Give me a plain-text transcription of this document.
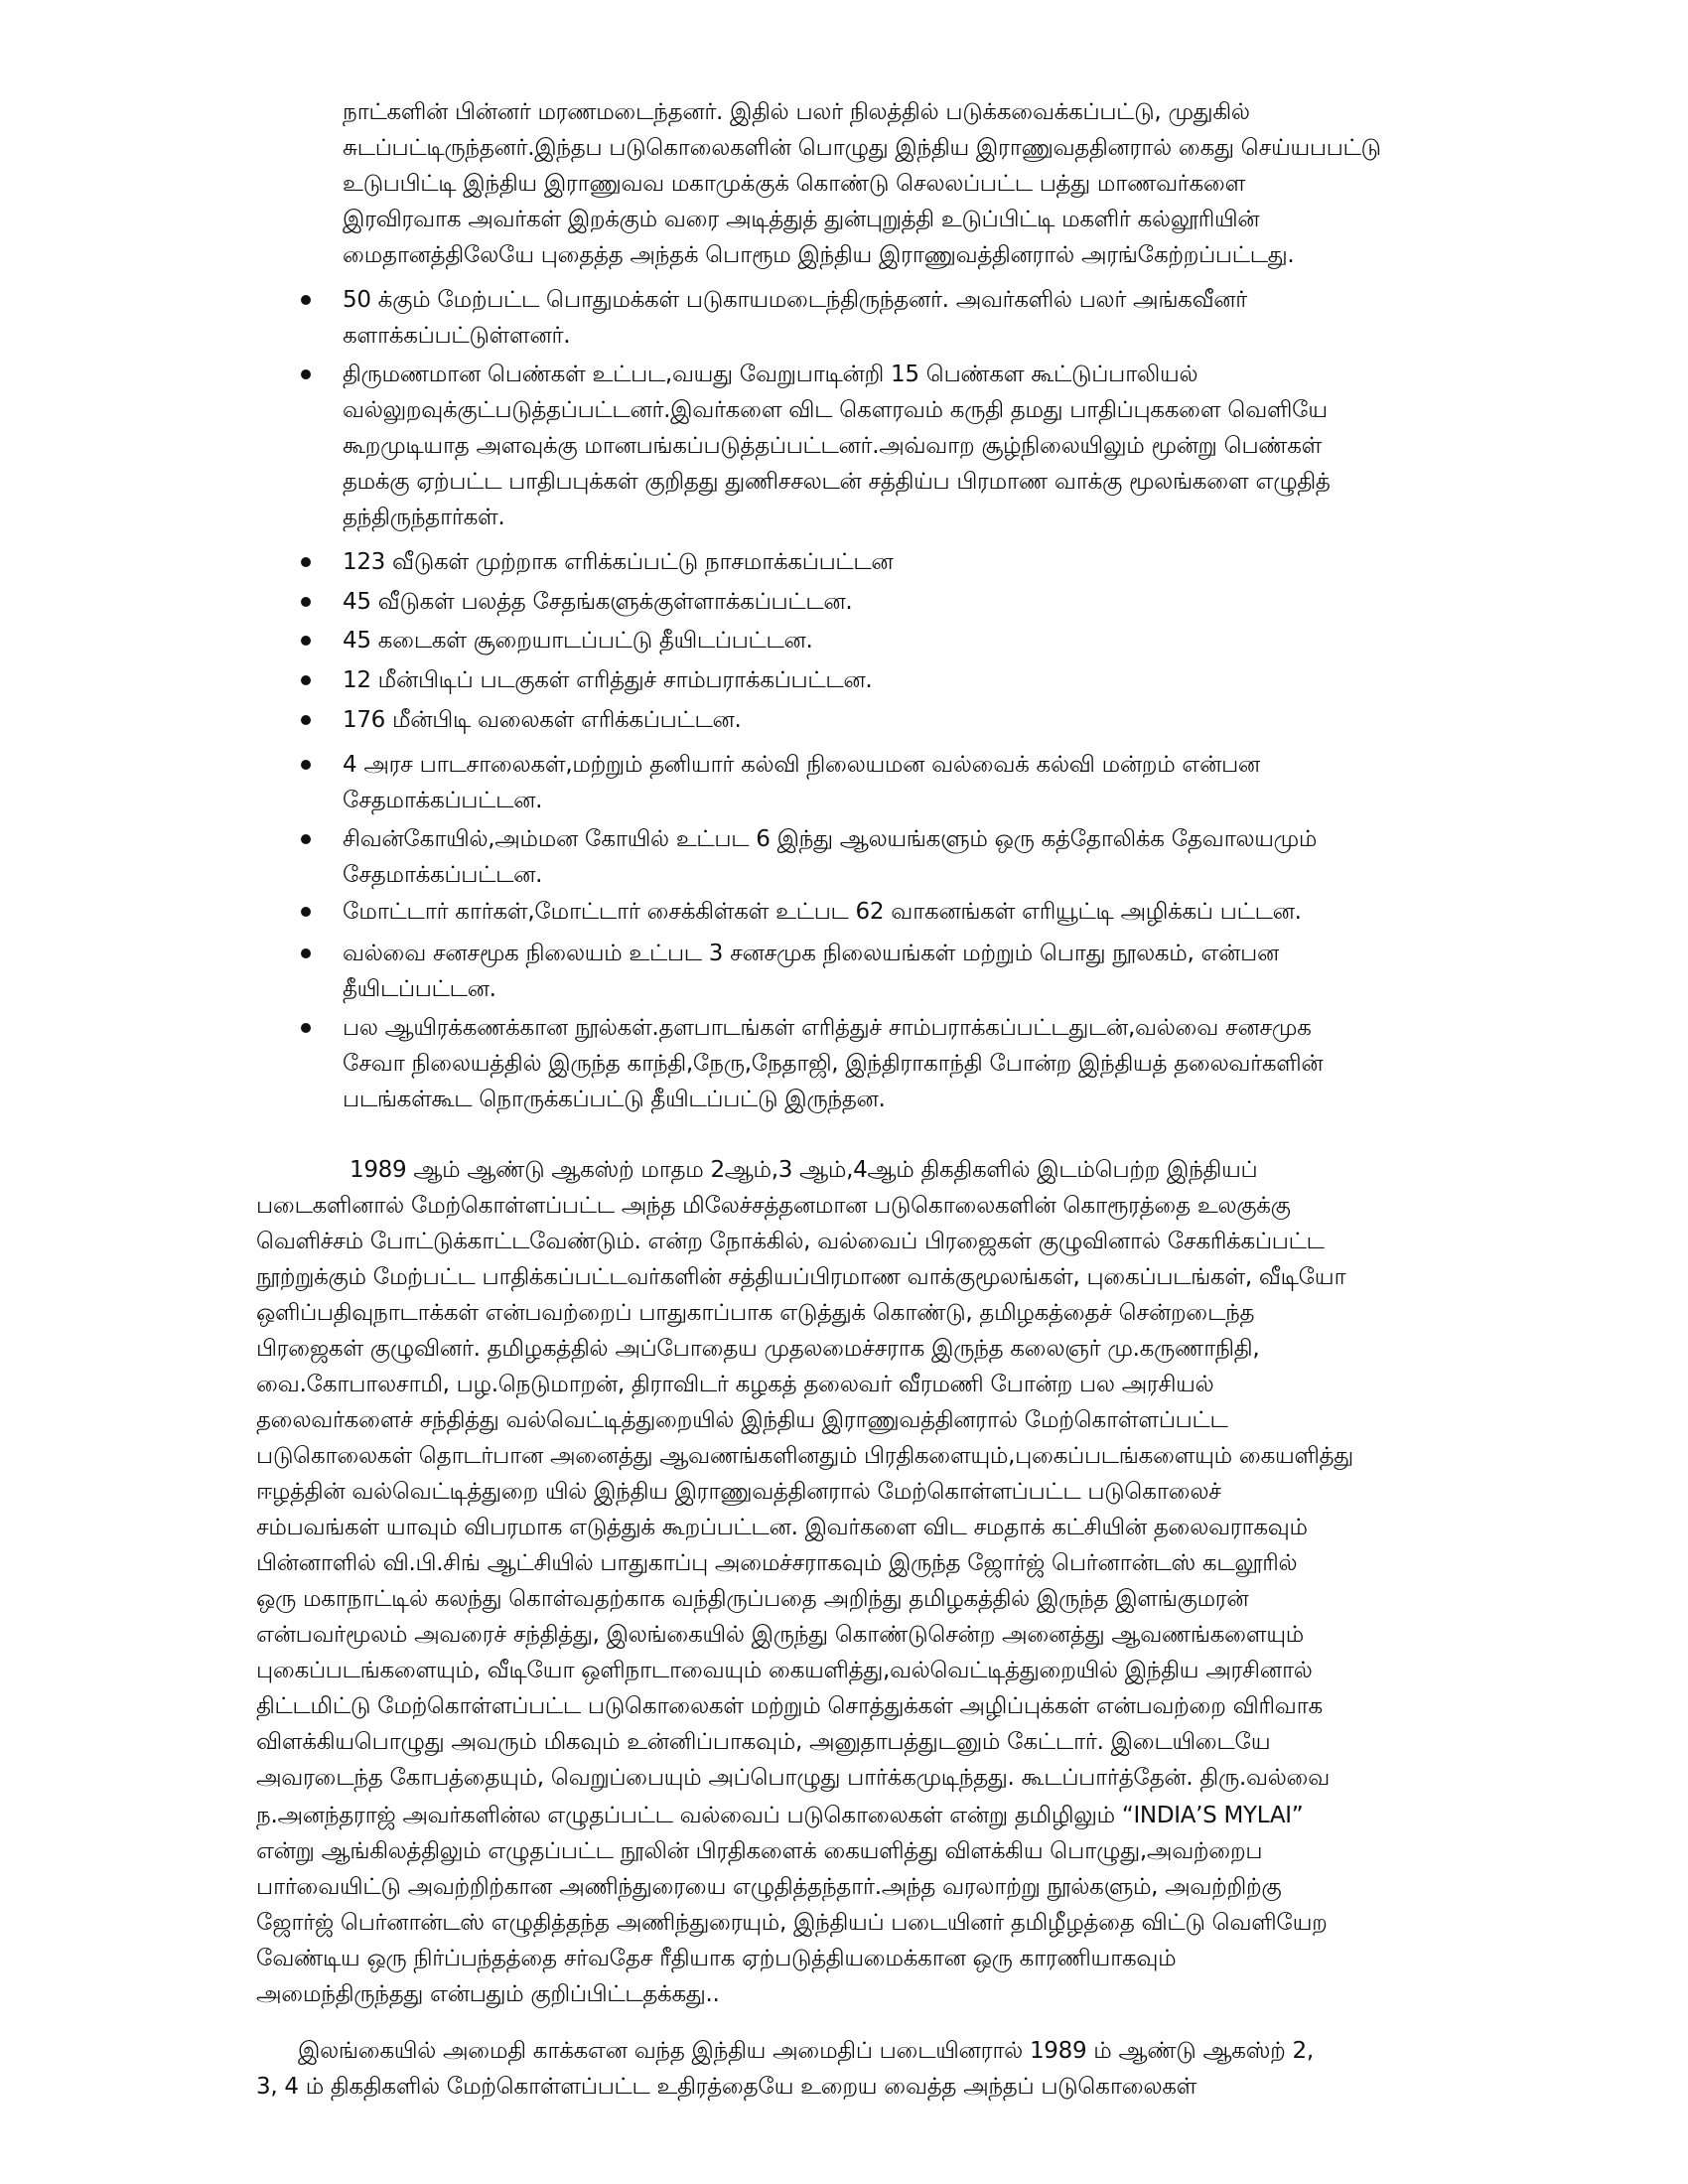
நாட்களின் பின்னர் மரணமடைந்தனர். இதில் பலர் நிலத்தில் படுக்கவைக்கப்பட்டு, முதுகில்
சுடப்பட்டிருந்தனர்.இந்தப படுகொலைகளின் பொழுது இந்திய இராணுவததினரால் கைது செய்யபபட்டு
உடுபபிட்டி இந்திய இராணுவவ மகாமுக்குக் கொண்டு செலலப்பட்ட பத்து மாணவர்களை
இரவிரவாக அவர்கள் இறக்கும் வரை அடித்துத் துன்புறுத்தி உடுப்பிட்டி மகளிர் கல்லூரியின்
மைதானத்திலேயே புதைத்த அந்தக் பொரூம இந்திய இராணுவத்தினரால் அரங்கேற்றப்பட்டது.
50 க்கும் மேற்பட்ட பொதுமக்கள் படுகாயமடைந்திருந்தனர். அவர்களில் பலர் அங்கவீனர்
களாக்கப்பட்டுள்ளனர்.
திருமணமான பெண்கள் உட்பட,வயது வேறுபாடின்றி 15 பெண்கள கூட்டுப்பாலியல்
வல்லுறவுக்குட்படுத்தப்பட்டனர்.இவர்களை விட கௌரவம் கருதி தமது பாதிப்புககளை வெளியே
கூறமுடியாத அளவுக்கு மானபங்கப்படுத்தப்பட்டனர்.அவ்வாற சூழ்நிலையிலும் மூன்று பெண்கள்
தமக்கு ஏற்பட்ட பாதிபபுக்கள் குறிதது துணிசசலடன் சத்திய்ப பிரமாண வாக்கு மூலங்களை எழுதித்
தந்திருந்தார்கள்.
123 வீடுகள் முற்றாக எரிக்கப்பட்டு நாசமாக்கப்பட்டன
45 வீடுகள் பலத்த சேதங்களுக்குள்ளாக்கப்பட்டன.
45 கடைகள் சூறையாடப்பட்டு தீயிடப்பட்டன.
12 மீன்பிடிப் படகுகள் எரித்துச் சாம்பராக்கப்பட்டன.
176 மீன்பிடி வலைகள் எரிக்கப்பட்டன.
4 அரச பாடசாலைகள்,மற்றும் தனியார் கல்வி நிலையமன வல்வைக் கல்வி மன்றம் என்பன
சேதமாக்கப்பட்டன.
சிவன்கோயில்,அம்மன கோயில் உட்பட 6 இந்து ஆலயங்களும் ஒரு கத்தோலிக்க தேவாலயமும்
சேதமாக்கப்பட்டன.
மோட்டார் கார்கள்,மோட்டார் சைக்கிள்கள் உட்பட 62 வாகனங்கள் எரியூட்டி அழிக்கப் பட்டன.
வல்வை சனசமூக நிலையம் உட்பட 3 சனசமுக நிலையங்கள் மற்றும் பொது நூலகம், என்பன
தீயிடப்பட்டன.
பல ஆயிரக்கணக்கான நூல்கள்.தளபாடங்கள் எரித்துச் சாம்பராக்கப்பட்டதுடன்,வல்வை சனசமுக
சேவா நிலையத்தில் இருந்த காந்தி,நேரு,நேதாஜி, இந்திராகாந்தி போன்ற இந்தியத் தலைவர்களின்
படங்கள்கூட நொருக்கப்பட்டு தீயிடப்பட்டு இருந்தன.
1989 ஆம் ஆண்டு ஆகஸ்ற் மாதம 2ஆம்,3 ஆம்,4ஆம் திகதிகளில் இடம்பெற்ற இந்தியப்
படைகளினால் மேற்கொள்ளப்பட்ட அந்த மிலேச்சத்தனமான படுகொலைகளின் கொரூரத்தை உலகுக்கு
வெளிச்சம் போட்டுக்காட்டவேண்டும். என்ற நோக்கில், வல்வைப் பிரஜைகள் குழுவினால் சேகரிக்கப்பட்ட
நூற்றுக்கும் மேற்பட்ட பாதிக்கப்பட்டவர்களின் சத்தியப்பிரமாண வாக்குமூலங்கள், புகைப்படங்கள், வீடியோ
ஒளிப்பதிவுநாடாக்கள் என்பவற்றைப் பாதுகாப்பாக எடுத்துக் கொண்டு, தமிழகத்தைச் சென்றடைந்த
பிரஜைகள் குழுவினர். தமிழகத்தில் அப்போதைய முதலமைச்சராக இருந்த கலைஞர் மு.கருணாநிதி,
வை.கோபாலசாமி, பழ.நெடுமாறன், திராவிடர் கழகத் தலைவர் வீரமணி போன்ற பல அரசியல்
தலைவர்களைச் சந்தித்து வல்வெட்டித்துறையில் இந்திய இராணுவத்தினரால் மேற்கொள்ளப்பட்ட
படுகொலைகள் தொடர்பான அனைத்து ஆவணங்களினதும் பிரதிகளையும்,புகைப்படங்களையும் கையளித்து
ஈழத்தின் வல்வெட்டித்துறை யில் இந்திய இராணுவத்தினரால் மேற்கொள்ளப்பட்ட படுகொலைச்
சம்பவங்கள் யாவும் விபரமாக எடுத்துக் கூறப்பட்டன. இவர்களை விட சமதாக் கட்சியின் தலைவராகவும்
பின்னாளில் வி.பி.சிங் ஆட்சியில் பாதுகாப்பு அமைச்சராகவும் இருந்த ஜோர்ஜ் பெர்னான்டஸ் கடலூரில்
ஒரு மகாநாட்டில் கலந்து கொள்வதற்காக வந்திருப்பதை அறிந்து தமிழகத்தில் இருந்த இளங்குமரன்
என்பவர்மூலம் அவரைச் சந்தித்து, இலங்கையில் இருந்து கொண்டுசென்ற அனைத்து ஆவணங்களையும்
புகைப்படங்களையும், வீடியோ ஒளிநாடாவையும் கையளித்து,வல்வெட்டித்துறையில் இந்திய அரசினால்
திட்டமிட்டு மேற்கொள்ளப்பட்ட படுகொலைகள் மற்றும் சொத்துக்கள் அழிப்புக்கள் என்பவற்றை விரிவாக
விளக்கியபொழுது அவரும் மிகவும் உன்னிப்பாகவும், அனுதாபத்துடனும் கேட்டார். இடையிடையே
அவரடைந்த கோபத்தையும், வெறுப்பையும் அப்பொழுது பார்க்கமுடிந்தது. கூடப்பார்த்தேன். திரு.வல்வை
ந.அனந்தராஜ் அவர்களின்ல எழுதப்பட்ட வல்வைப் படுகொலைகள் என்று தமிழிலும் “INDIA’S MYLAI”
என்று ஆங்கிலத்திலும் எழுதப்பட்ட நூலின் பிரதிகளைக் கையளித்து விளக்கிய பொழுது,அவற்றைப
பார்வையிட்டு அவற்றிற்கான அணிந்துரையை எழுதித்தந்தார்.அந்த வரலாற்று நூல்களும், அவற்றிற்கு
ஜோர்ஜ் பெர்னான்டஸ் எழுதித்தந்த அணிந்துரையும், இந்தியப் படையினர் தமிழீழத்தை விட்டு வெளியேற
வேண்டிய ஒரு நிர்ப்பந்தத்தை சர்வதேச ரீதியாக ஏற்படுத்தியமைக்கான ஒரு காரணியாகவும்
அமைந்திருந்தது என்பதும் குறிப்பிட்டதக்கது..
இலங்கையில் அமைதி காக்கஎன வந்த இந்திய அமைதிப் படையினரால் 1989 ம் ஆண்டு ஆகஸ்ற் 2,
3, 4 ம் திகதிகளில் மேற்கொள்ளப்பட்ட உதிரத்தையே உறைய வைத்த அந்தப் படுகொலைகள்
